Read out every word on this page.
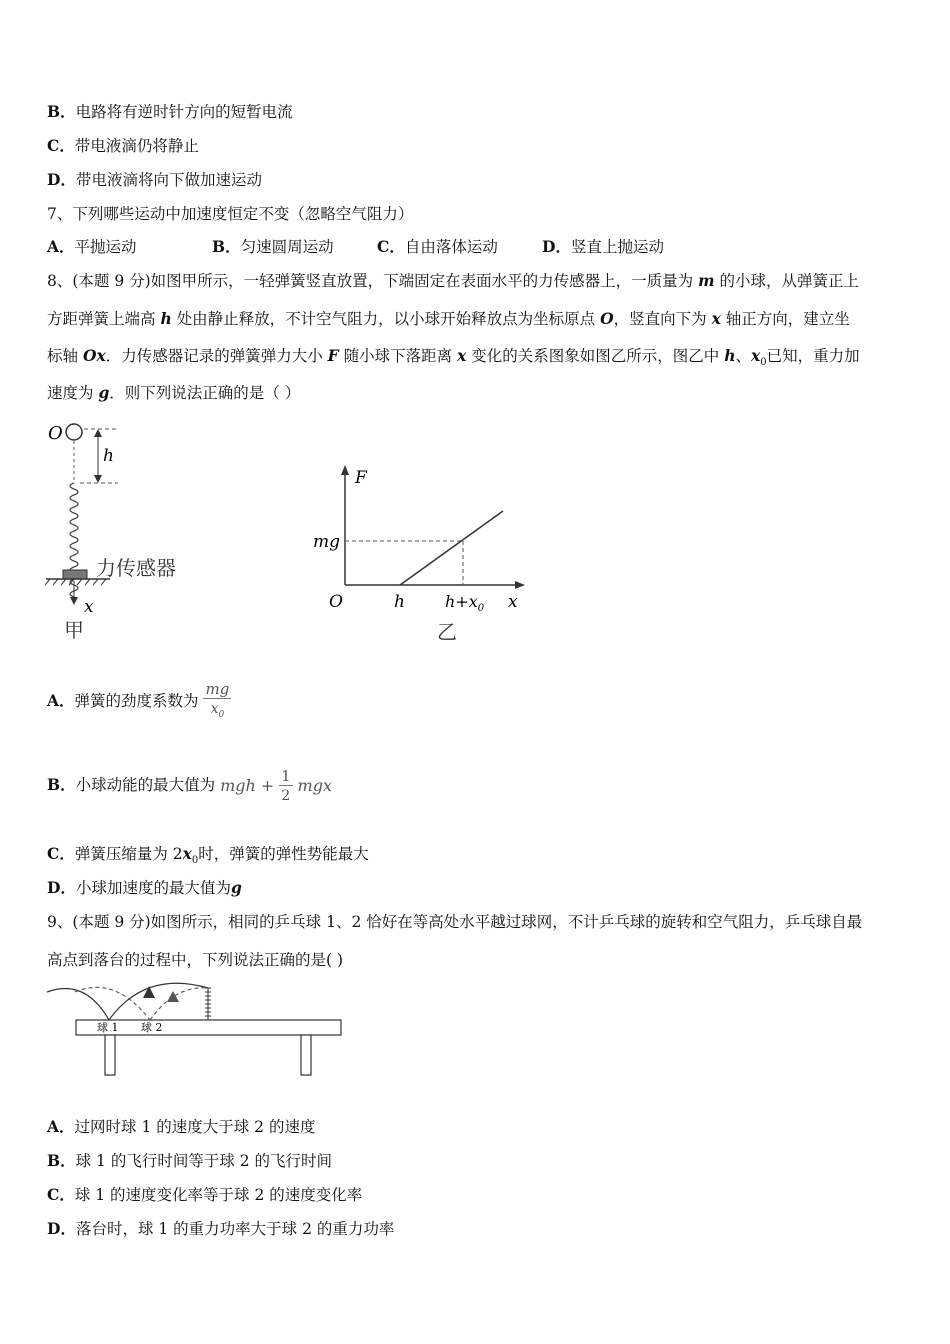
B．电路将有逆时针方向的短暂电流
C．带电液滴仍将静止
D．带电液滴将向下做加速运动
7、下列哪些运动中加速度恒定不变（忽略空气阻力）
A．平抛运动	B．匀速圆周运动	C．自由落体运动	D．竖直上抛运动
8、(本题 9 分)如图甲所示，一轻弹簧竖直放置，下端固定在表面水平的力传感器上，一质量为 m 的小球，从弹簧正上
方距弹簧上端高 h 处由静止释放，不计空气阻力，以小球开始释放点为坐标原点 O，竖直向下为 x 轴正方向，建立坐
标轴 Ox．力传感器记录的弹簧弹力大小 F 随小球下落距离 x 变化的关系图象如图乙所示，图乙中 h、$x_0$已知，重力加
速度为 g．则下列说法正确的是（ ）
O
h
x
力传感器
甲
F
mg
O	h	$h+x_0$ x
乙
A．弹簧的劲度系数为 $\frac{mg}{x_0}$
B．小球动能的最大值为 mgh + $\frac{1}{2}$ mgx
C．弹簧压缩量为 $2x_0$时，弹簧的弹性势能最大
D．小球加速度的最大值为g
9、(本题 9 分)如图所示，相同的乒乓球 1、2 恰好在等高处水平越过球网，不计乒乓球的旋转和空气阻力，乒乓球自最
高点到落台的过程中，下列说法正确的是( )
球 1 球 2
A．过网时球 1 的速度大于球 2 的速度
B．球 1 的飞行时间等于球 2 的飞行时间
C．球 1 的速度变化率等于球 2 的速度变化率
D．落台时，球 1 的重力功率大于球 2 的重力功率
